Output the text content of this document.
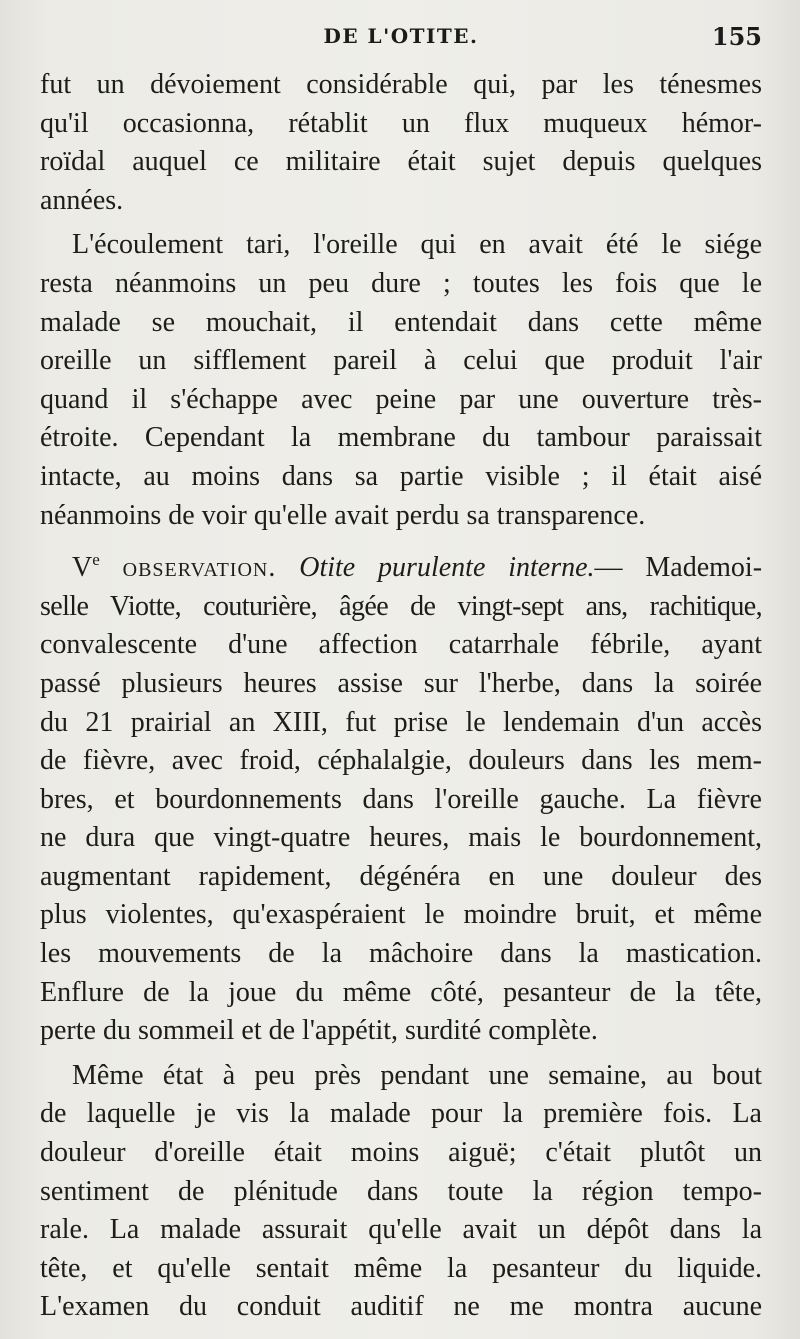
DE L'OTITE.	155

fut un dévoiement considérable qui, par les ténesmes

qu'il occasionna, rétablit un flux muqueux hémor-

roïdal auquel ce militaire était sujet depuis quelques

années.

L'écoulement tari, l'oreille qui en avait été le siége

resta néanmoins un peu dure ; toutes les fois que le

malade se mouchait, il entendait dans cette même

oreille un sifflement pareil à celui que produit l'air

quand il s'échappe avec peine par une ouverture très-

étroite. Cependant la membrane du tambour paraissait

intacte, au moins dans sa partie visible ; il était aisé

néanmoins de voir qu'elle avait perdu sa transparence.

Ve observation. Otite purulente interne.— Mademoi-

selle Viotte, couturière, âgée de vingt-sept ans, rachitique,

convalescente d'une affection catarrhale fébrile, ayant

passé plusieurs heures assise sur l'herbe, dans la soirée

du 21 prairial an XIII, fut prise le lendemain d'un accès

de fièvre, avec froid, céphalalgie, douleurs dans les mem-

bres, et bourdonnements dans l'oreille gauche. La fièvre

ne dura que vingt-quatre heures, mais le bourdonnement,

augmentant rapidement, dégénéra en une douleur des

plus violentes, qu'exaspéraient le moindre bruit, et même

les mouvements de la mâchoire dans la mastication.

Enflure de la joue du même côté, pesanteur de la tête,

perte du sommeil et de l'appétit, surdité complète.

Même état à peu près pendant une semaine, au bout

de laquelle je vis la malade pour la première fois. La

douleur d'oreille était moins aiguë; c'était plutôt un

sentiment de plénitude dans toute la région tempo-

rale. La malade assurait qu'elle avait un dépôt dans la

tête, et qu'elle sentait même la pesanteur du liquide.

L'examen du conduit auditif ne me montra aucune
